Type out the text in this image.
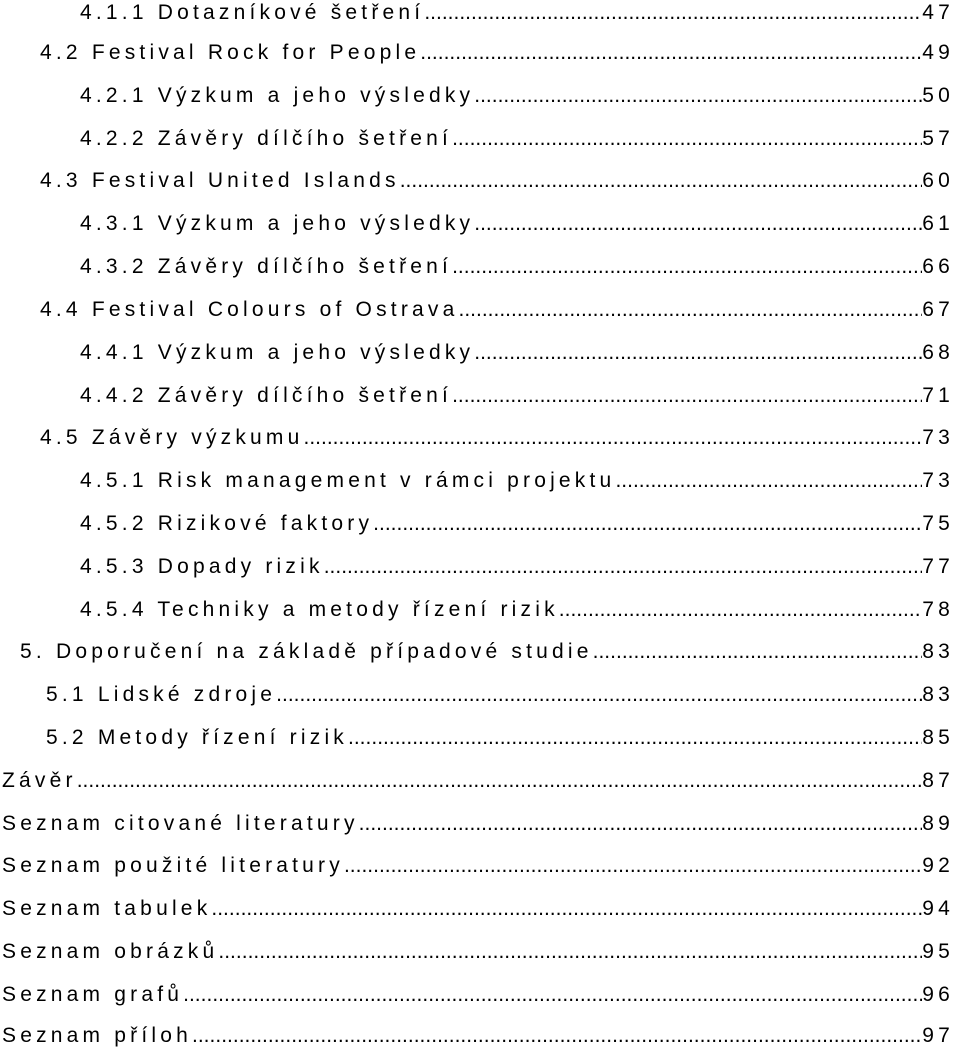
4.1.1 Dotazníkové šetření .....	47
4.2 Festival Rock for People .....	49
4.2.1 Výzkum a jeho výsledky .....	50
4.2.2 Závěry dílčího šetření .....	57
4.3 Festival United Islands .....	60
4.3.1 Výzkum a jeho výsledky .....	61
4.3.2 Závěry dílčího šetření .....	66
4.4 Festival Colours of Ostrava .....	67
4.4.1 Výzkum a jeho výsledky .....	68
4.4.2 Závěry dílčího šetření .....	71
4.5 Závěry výzkumu .....	73
4.5.1 Risk management v rámci projektu .....	73
4.5.2 Rizikové faktory .....	75
4.5.3 Dopady rizik .....	77
4.5.4 Techniky a metody řízení rizik .....	78
5. Doporučení na základě případové studie .....	83
5.1 Lidské zdroje .....	83
5.2 Metody řízení rizik .....	85
Závěr .....	87
Seznam citované literatury .....	89
Seznam použité literatury .....	92
Seznam tabulek .....	94
Seznam obrázků .....	95
Seznam grafů .....	96
Seznam příloh .....	97
